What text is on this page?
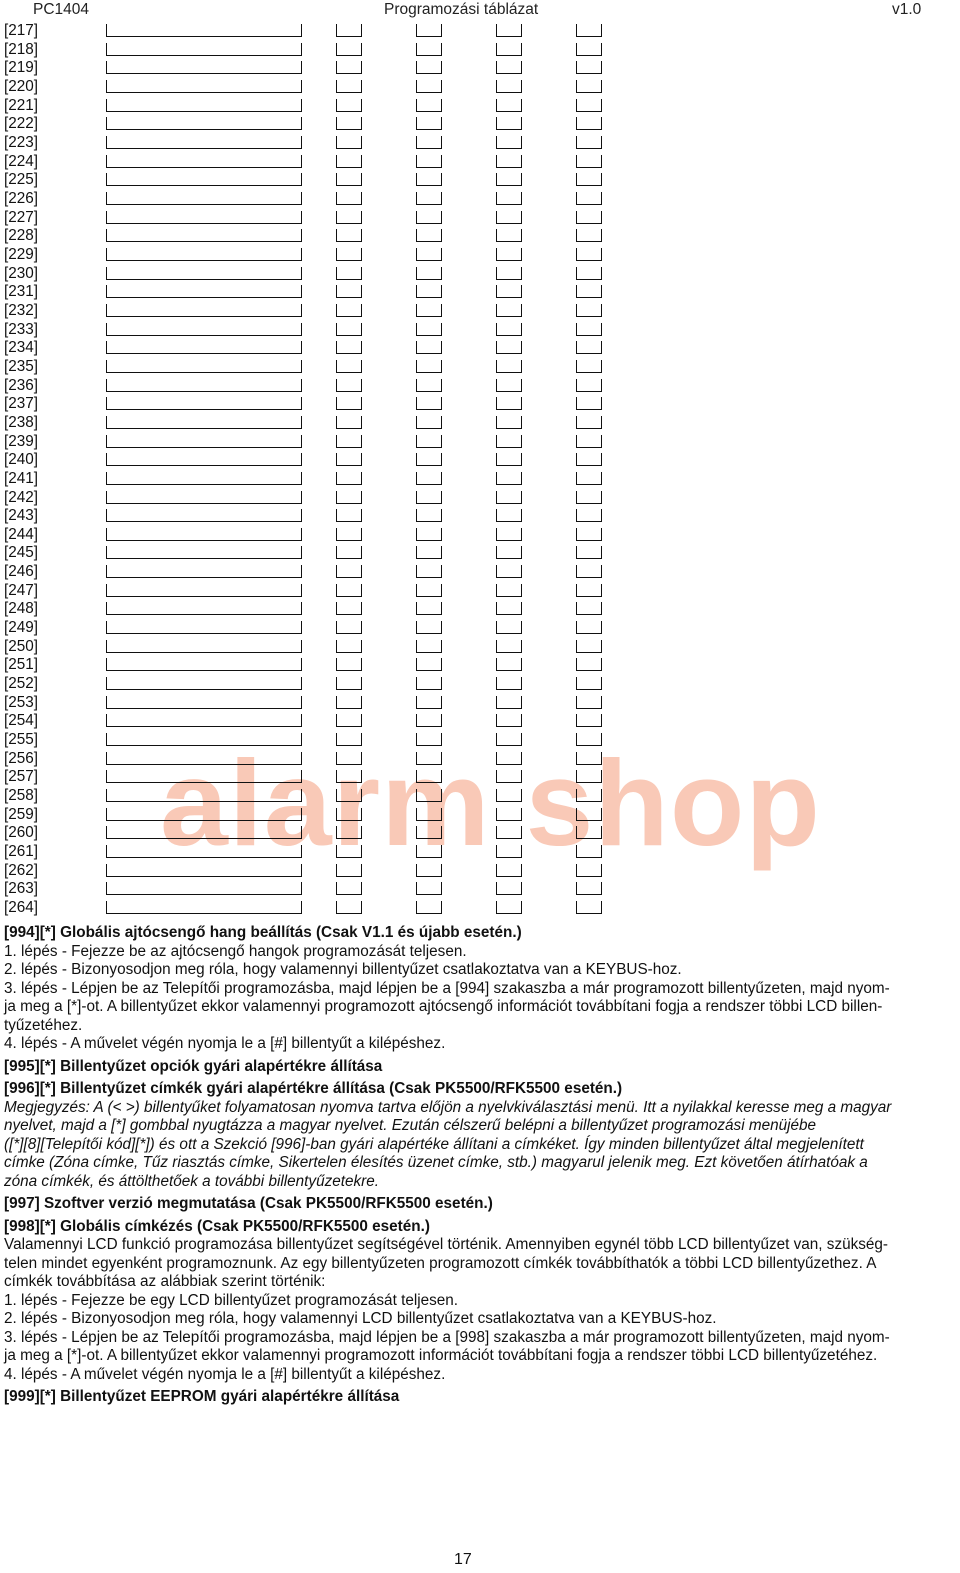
PC1404	Programozási táblázat	v1.0
alarm shop
[217]
[218]
[219]
[220]
[221]
[222]
[223]
[224]
[225]
[226]
[227]
[228]
[229]
[230]
[231]
[232]
[233]
[234]
[235]
[236]
[237]
[238]
[239]
[240]
[241]
[242]
[243]
[244]
[245]
[246]
[247]
[248]
[249]
[250]
[251]
[252]
[253]
[254]
[255]
[256]
[257]
[258]
[259]
[260]
[261]
[262]
[263]
[264]

[994][*] Globális ajtócsengő hang beállítás (Csak V1.1 és újabb esetén.)

1. lépés - Fejezze be az ajtócsengő hangok programozását teljesen.

2. lépés - Bizonyosodjon meg róla, hogy valamennyi billentyűzet csatlakoztatva van a KEYBUS-hoz.

3. lépés - Lépjen be az Telepítői programozásba, majd lépjen be a [994] szakaszba a már programozott billentyűzeten, majd nyom-

ja meg a [*]-ot. A billentyűzet ekkor valamennyi programozott ajtócsengő információt továbbítani fogja a rendszer többi LCD billen-

tyűzetéhez.

4. lépés - A művelet végén nyomja le a [#] billentyűt a kilépéshez.

[995][*] Billentyűzet opciók gyári alapértékre állítása

[996][*] Billentyűzet címkék gyári alapértékre állítása (Csak PK5500/RFK5500 esetén.)

Megjegyzés: A (< >) billentyűket folyamatosan nyomva tartva előjön a nyelvkiválasztási menü. Itt a nyilakkal keresse meg a magyar

nyelvet, majd a [*] gombbal nyugtázza a magyar nyelvet. Ezután célszerű belépni a billentyűzet programozási menüjébe

([*][8][Telepítői kód][*]) és ott a Szekció [996]-ban gyári alapértéke állítani a címkéket. Így minden billentyűzet által megjelenített

címke (Zóna címke, Tűz riasztás címke, Sikertelen élesítés üzenet címke, stb.) magyarul jelenik meg. Ezt követően átírhatóak a

zóna címkék, és áttölthetőek a további billentyűzetekre.

[997] Szoftver verzió megmutatása (Csak PK5500/RFK5500 esetén.)

[998][*] Globális címkézés (Csak PK5500/RFK5500 esetén.)

Valamennyi LCD funkció programozása billentyűzet segítségével történik. Amennyiben egynél több LCD billentyűzet van, szükség-

telen mindet egyenként programoznunk. Az egy billentyűzeten programozott címkék továbbíthatók a többi LCD billentyűzethez. A

címkék továbbítása az alábbiak szerint történik:

1. lépés - Fejezze be egy LCD billentyűzet programozását teljesen.

2. lépés - Bizonyosodjon meg róla, hogy valamennyi LCD billentyűzet csatlakoztatva van a KEYBUS-hoz.

3. lépés - Lépjen be az Telepítői programozásba, majd lépjen be a [998] szakaszba a már programozott billentyűzeten, majd nyom-

ja meg a [*]-ot. A billentyűzet ekkor valamennyi programozott információt továbbítani fogja a rendszer többi LCD billentyűzetéhez.

4. lépés - A művelet végén nyomja le a [#] billentyűt a kilépéshez.

[999][*] Billentyűzet EEPROM gyári alapértékre állítása

17
